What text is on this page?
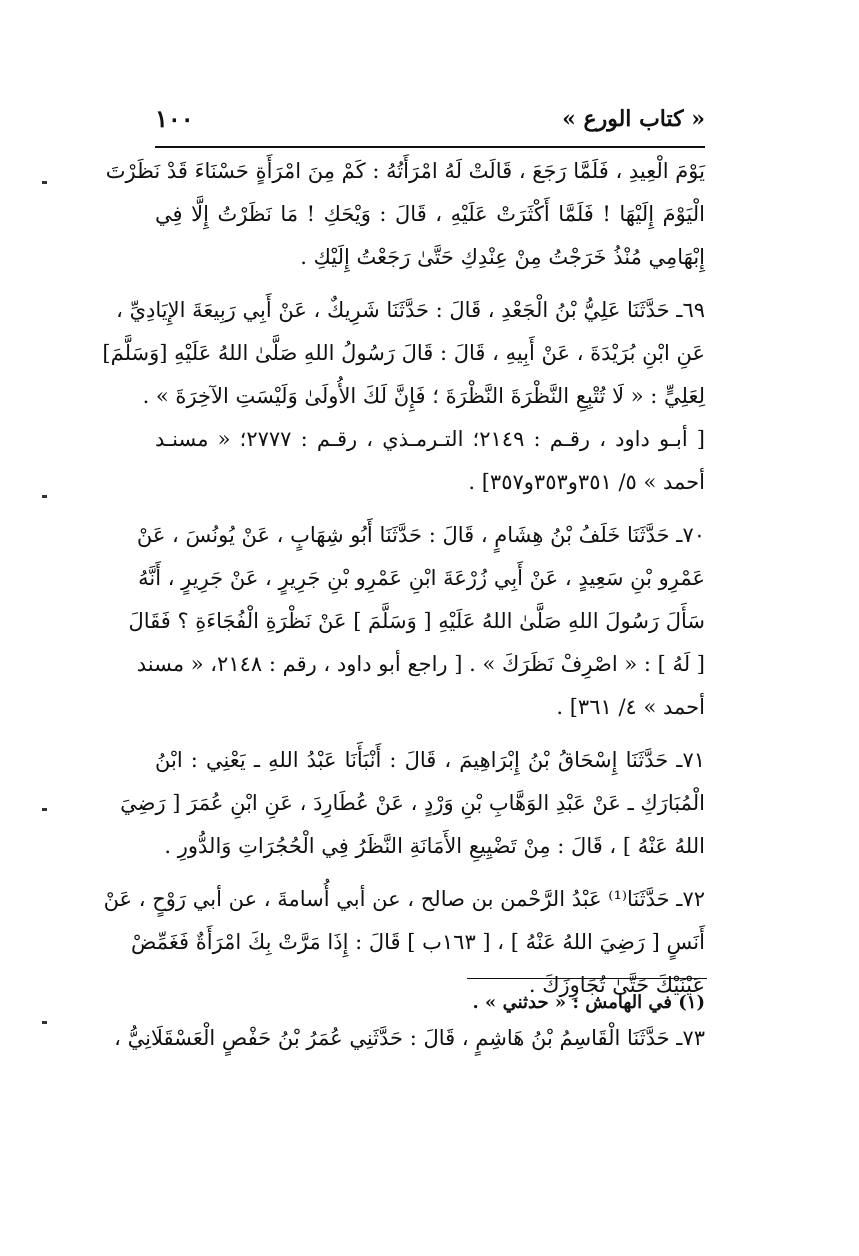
« كتاب الورع »
١٠٠
يَوْمَ الْعِيدِ ، فَلَمَّا رَجَعَ ، قَالَتْ لَهُ امْرَأَتُهُ : كَمْ مِنَ امْرَأَةٍ حَسْنَاءَ قَدْ نَظَرْتَ
الْيَوْمَ إِلَيْهَا ! فَلَمَّا أَكْثَرَتْ عَلَيْهِ ، قَالَ : وَيْحَكِ ! مَا نَظَرْتُ إِلَّا فِي
إِبْهَامِي مُنْذُ خَرَجْتُ مِنْ عِنْدِكِ حَتَّىٰ رَجَعْتُ إِلَيْكِ .
٦٩ـ حَدَّثَنَا عَلِيُّ بْنُ الْجَعْدِ ، قَالَ : حَدَّثَنَا شَرِيكٌ ، عَنْ أَبِي رَبِيعَةَ الإِيَادِيِّ ،
عَنِ ابْنِ بُرَيْدَةَ ، عَنْ أَبِيهِ ، قَالَ : قَالَ رَسُولُ اللهِ صَلَّىٰ اللهُ عَلَيْهِ [وَسَلَّمَ]
لِعَلِيٍّ : « لَا تُتْبِعِ النَّظْرَةَ النَّظْرَةَ ؛ فَإِنَّ لَكَ الأُولَىٰ وَلَيْسَتِ الآخِرَةَ » .
[ أبـو داود ، رقـم : ٢١٤٩؛ التـرمـذي ، رقـم : ٢٧٧٧؛ « مسنـد
أحمد » ٥/ ٣٥١و٣٥٣و٣٥٧] .
٧٠ـ حَدَّثَنَا خَلَفُ بْنُ هِشَامٍ ، قَالَ : حَدَّثَنَا أَبُو شِهَابٍ ، عَنْ يُونُسَ ، عَنْ
عَمْرِو بْنِ سَعِيدٍ ، عَنْ أَبِي زُرْعَةَ ابْنِ عَمْرِو بْنِ جَرِيرٍ ، عَنْ جَرِيرٍ ، أَنَّهُ
سَأَلَ رَسُولَ اللهِ صَلَّىٰ اللهُ عَلَيْهِ [ وَسَلَّمَ ] عَنْ نَظْرَةِ الْفُجَاءَةِ ؟ فَقَالَ
[ لَهُ ] : « اصْرِفْ نَظَرَكَ » . [ راجع أبو داود ، رقم : ٢١٤٨، « مسند
أحمد » ٤/ ٣٦١] .
٧١ـ حَدَّثَنَا إِسْحَاقُ بْنُ إِبْرَاهِيمَ ، قَالَ : أَنْبَأَنَا عَبْدُ اللهِ ـ يَعْنِي : ابْنُ
الْمُبَارَكِ ـ عَنْ عَبْدِ الوَهَّابِ بْنِ وَرْدٍ ، عَنْ عُطَارِدَ ، عَنِ ابْنِ عُمَرَ [ رَضِيَ
اللهُ عَنْهُ ] ، قَالَ : مِنْ تَضْيِيعِ الأَمَانَةِ النَّظَرُ فِي الْحُجُرَاتِ وَالدُّورِ .
٧٢ـ حَدَّثَنَا⁽¹⁾ عَبْدُ الرَّحْمن بن صالح ، عن أبي أُسامةَ ، عن أبي رَوْحٍ ، عَنْ
أَنَسٍ [ رَضِيَ اللهُ عَنْهُ ] ، [ ١٦٣ب ] قَالَ : إِذَا مَرَّتْ بِكَ امْرَأَةٌ فَغَمِّضْ
عَيْنَيْكَ حَتَّىٰ تُجَاوِزَكَ .
٧٣ـ حَدَّثَنَا الْقَاسِمُ بْنُ هَاشِمٍ ، قَالَ : حَدَّثَنِي عُمَرُ بْنُ حَفْصٍ الْعَسْقَلَانِيُّ ،
(١) في الهامش : « حدثني » .
